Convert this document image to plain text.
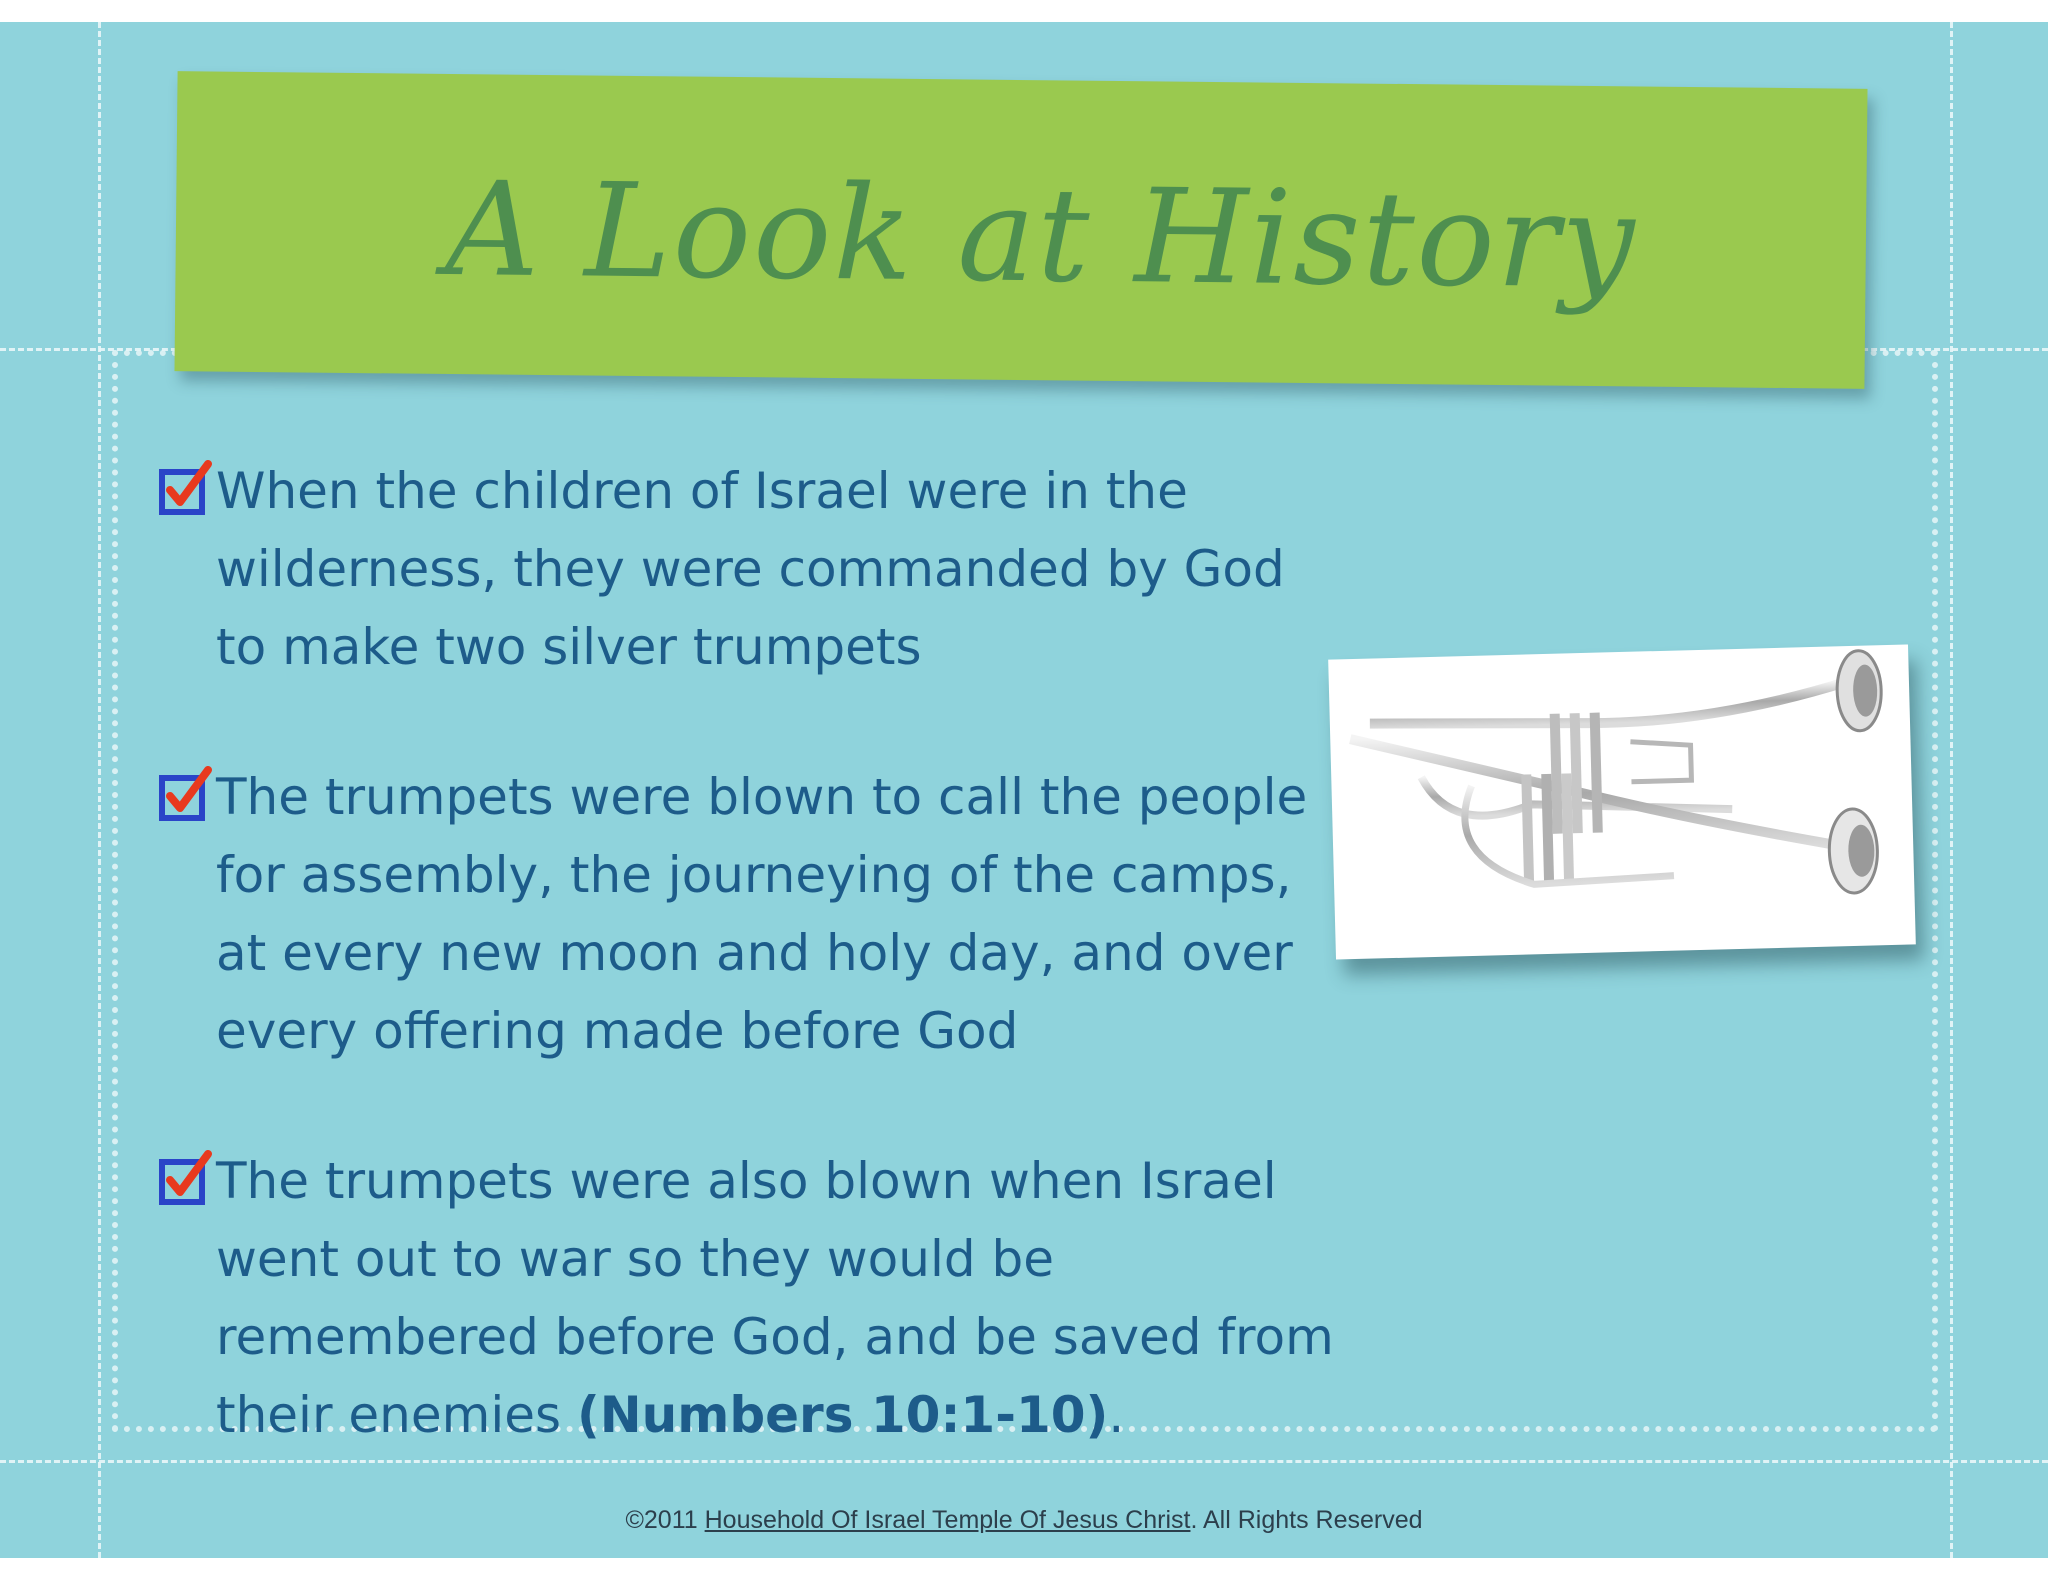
A Look at History
When the children of Israel were in the wilderness, they were commanded by God to make two silver trumpets
The trumpets were blown to call the people for assembly, the journeying of the camps, at every new moon and holy day, and over every offering made before God
The trumpets were also blown when Israel went out to war so they would be remembered before God, and be saved from their enemies (Numbers 10:1-10).
©2011 Household Of Israel Temple Of Jesus Christ. All Rights Reserved
